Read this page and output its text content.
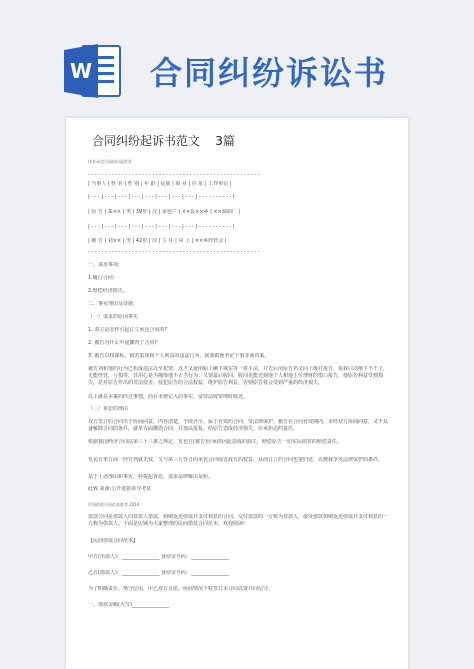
W 合同纠纷诉讼书
合同纠纷起诉书范文    3篇
技术承包合同纠纷起诉状
- - - - - - - - - - - - - - - - - - - - - - - - - - - - - - - - - - - - - - - - - - - - - - - - - - -
| 当事人 | 姓 名 | 性 别 | 年 龄 | 民族 | 职 业 | 住 址 | 工作单位 |
| - - - | - - - | - - - | - - - | - - - | - - - | - - - | - - - | - - - - - - - - - - |
| 原 告 | 秦×× | 男 | 39岁 | 汉 | 承包户 | ××县××乡 | ××制油厂 |
| - - - | - - - | - - - | - - - | - - - | - - - | - - - | - - - | - - - - - - - - - - |
| 被 告 | 刘×× | 男 | 42岁 | 汉 | 主 任 | 同 上 | ××乡经管会 |
- - - - - - - - - - - - - - - - - - - - - - - - - - - - - - - - - - - - - - - - - - - - - - - - - - -
一、请求事项:
1.履行合同;
2.赔偿经济损失。
二、事实理由及证据:
（一）请求的原因事实
1. 双方是怎样引起订立承包合同的?
2. 被告为什么中途撕毁了合同?
3. 被告以权谋私，损害集体和个人利益的违法行为，我要跟他争论个事非曲直来。
被告刘和他的行为已构成违法以至犯罪，这才又使用职上瞒下欺实等一贯手法，并先后用原告名义向上级打报告，说我白动擅下不干了，无能经营，亏损等，其用心是为掩饰他不正当行为：又要最后收回，收回更能达到他个人和他主任理财的借口报告，使原告利益受到损失，是对原告作出的非法侵害，侵犯原告的合法权益，维护原告利益，否则原告将会受到严重的经济损失。
以上就是本案的经过事情，尚有未便记入的事实，留待法庭审理时陈述。
（二）诉讼的理由
双方签订的合同出于协商同意，内容清楚，手续齐全，属于有效的合同，受法律保护。被告在合同有效期内，未经双方协商同意，又不具备解除合同的条件，就单方面撕毁合同，并加以报复，给原告造成经济损失，应承担违约责任。
根据我国经济合同法第三十三条之规定，发包方(被告)应承担因此造成的损失，赔偿原告一切实际损害的赔偿责任。
发包方单方面一经宣判就无效，又与第三方签订的承包合同侵害我方的权益，从而订立的合同也要归还，以便我享受法律保护的条件。
基于上述理由和事实，特提起诉讼，请求法律解决是盼。
此致 来源:公开选拔领导考试
民间借款合同范本推荐 2016
借款合同是借款人向贷款人借款，到期返还借款并支付利息的合同。交付借款的一方称为贷款人，接受借款到期返还借款并支付利息的一方称为借款人。下面是店铺为大家整理的民间借款合同范本，欢迎阅读!
【民间借款合同范本】
甲方(出借人)：_______________ 身份证号码：_______________
乙方(借款人)：_______________ 身份证号码：_______________
为了明确责任，恪守信用，甲乙双方自愿，协商情况下特签订本合同以资共同信守。
一、借款金额(大写)_______________
